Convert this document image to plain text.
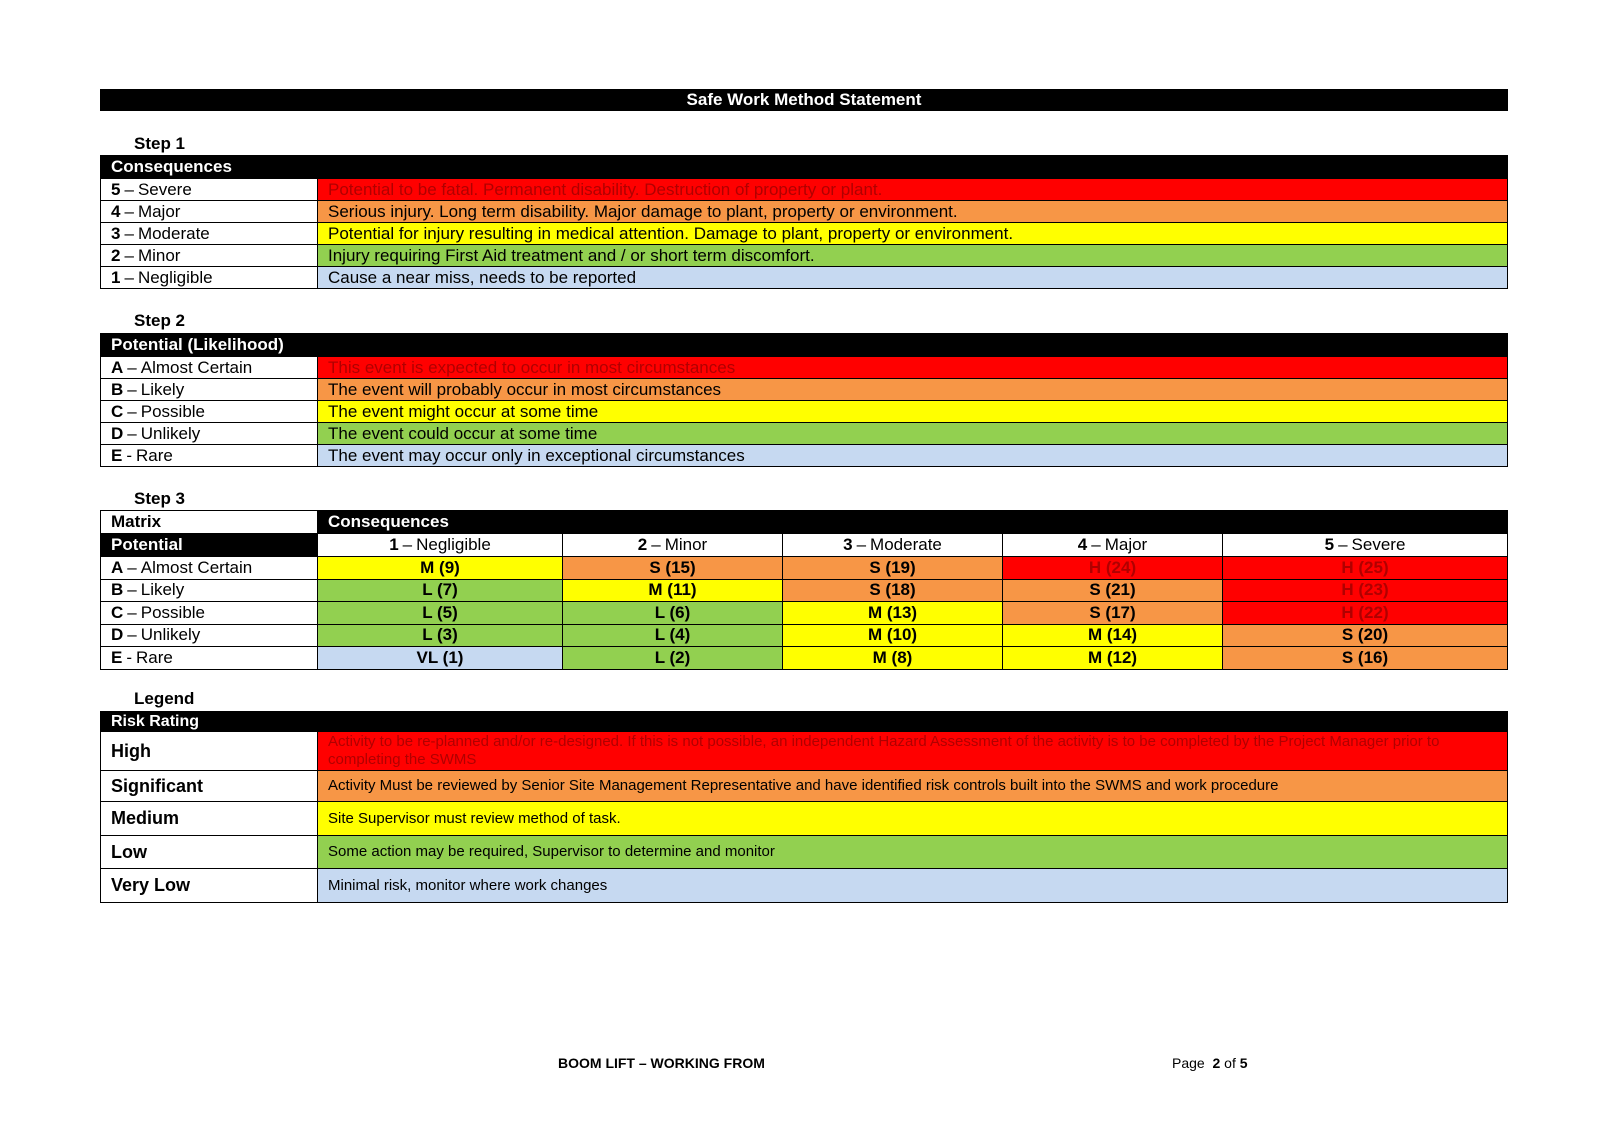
Safe Work Method Statement
Step 1
Consequences
5 – Severe	Potential to be fatal. Permanent disability. Destruction of property or plant.
4 – Major	Serious injury. Long term disability. Major damage to plant, property or environment.
3 – Moderate	Potential for injury resulting in medical attention. Damage to plant, property or environment.
2 – Minor	Injury requiring First Aid treatment and / or short term discomfort.
1 – Negligible	Cause a near miss, needs to be reported
Step 2
Potential (Likelihood)
A – Almost Certain	This event is expected to occur in most circumstances
B – Likely	The event will probably occur in most circumstances
C – Possible	The event might occur at some time
D – Unlikely	The event could occur at some time
E - Rare	The event may occur only in exceptional circumstances
Step 3
Matrix	Consequences
Potential	1 – Negligible	2 – Minor	3 – Moderate	4 – Major	5 – Severe
A – Almost Certain	M (9)	S (15)	S (19)	H (24)	H (25)
B – Likely	L (7)	M (11)	S (18)	S (21)	H (23)
C – Possible	L (5)	L (6)	M (13)	S (17)	H (22)
D – Unlikely	L (3)	L (4)	M (10)	M (14)	S (20)
E - Rare	VL (1)	L (2)	M (8)	M (12)	S (16)
Legend
Risk Rating
High	Activity to be re-planned and/or re-designed. If this is not possible, an independent Hazard Assessment of the activity is to be completed by the Project Manager prior to completing the SWMS
Significant	Activity Must be reviewed by Senior Site Management Representative and have identified risk controls built into the SWMS and work procedure
Medium	Site Supervisor must review method of task.
Low	Some action may be required, Supervisor to determine and monitor
Very Low	Minimal risk, monitor where work changes
BOOM LIFT – WORKING FROM	Page 2 of 5
